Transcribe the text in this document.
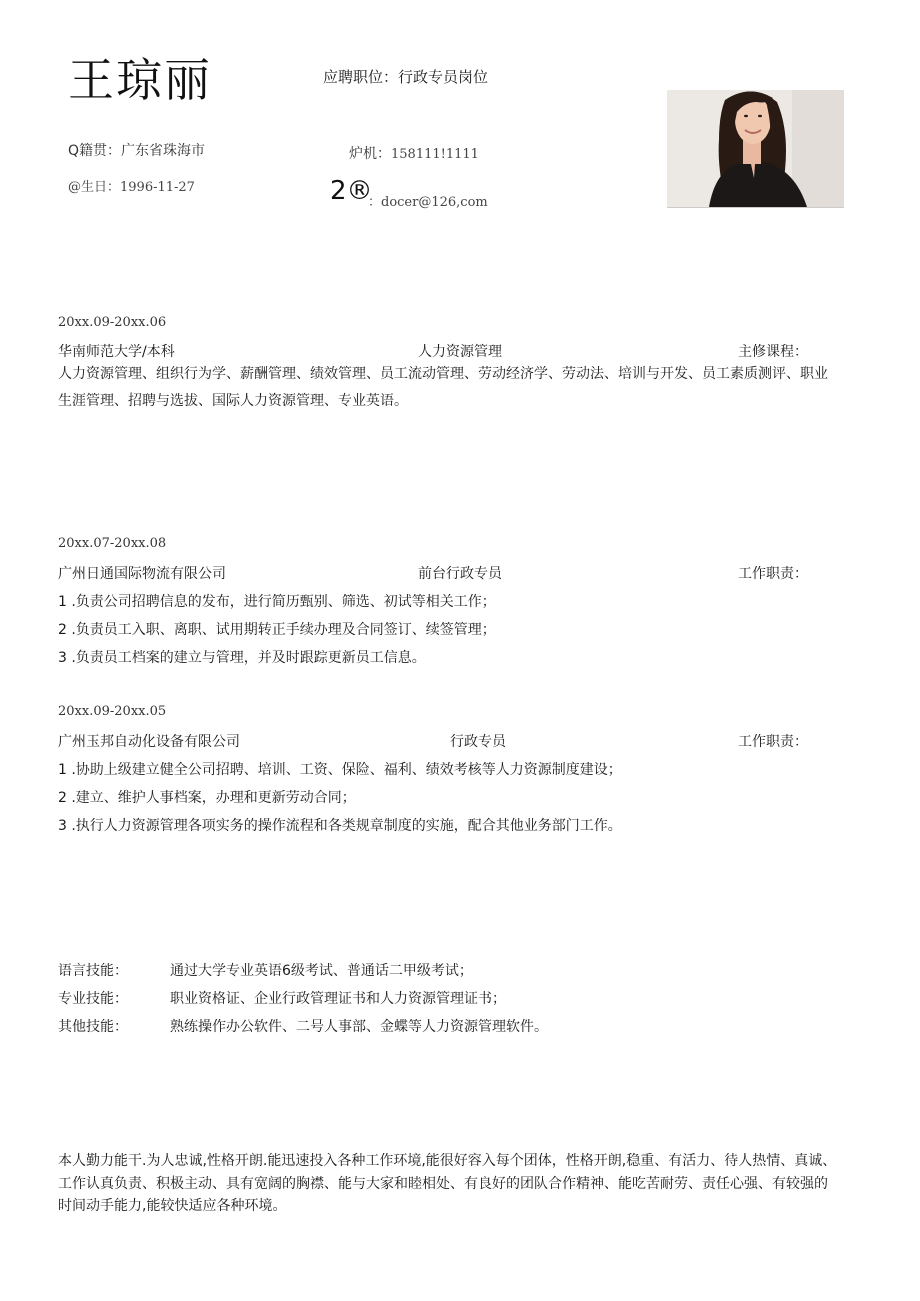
王琼丽	应聘职位：行政专员岗位
Q籍贯：广东省珠海市
@生日：1996-11-27
炉机：158111!1111
2®
：docer@126,com
20xx.09-20xx.06
华南师范大学/本科	人力资源管理	主修课程：
人力资源管理、组织行为学、薪酬管理、绩效管理、员工流动管理、劳动经济学、劳动法、培训与开发、员工素质测评、职业生涯管理、招聘与选拔、国际人力资源管理、专业英语。
20xx.07-20xx.08
广州日通国际物流有限公司	前台行政专员	工作职责：
1 .负责公司招聘信息的发布，进行简历甄别、筛选、初试等相关工作；
2 .负责员工入职、离职、试用期转正手续办理及合同签订、续签管理；
3 .负责员工档案的建立与管理，并及时跟踪更新员工信息。
20xx.09-20xx.05
广州玉邦自动化设备有限公司	行政专员	工作职责：
1 .协助上级建立健全公司招聘、培训、工资、保险、福利、绩效考核等人力资源制度建设；
2 .建立、维护人事档案，办理和更新劳动合同；
3 .执行人力资源管理各项实务的操作流程和各类规章制度的实施，配合其他业务部门工作。
语言技能：	通过大学专业英语6级考试、普通话二甲级考试；
专业技能：	职业资格证、企业行政管理证书和人力资源管理证书；
其他技能：	熟练操作办公软件、二号人事部、金蝶等人力资源管理软件。
本人勤力能干.为人忠诚,性格开朗.能迅速投入各种工作环境,能很好容入每个团体，性格开朗,稳重、有活力、待人热情、真诚、工作认真负责、积极主动、具有宽阔的胸襟、能与大家和睦相处、有良好的团队合作精神、能吃苦耐劳、责任心强、有较强的时间动手能力,能较快适应各种环境。
